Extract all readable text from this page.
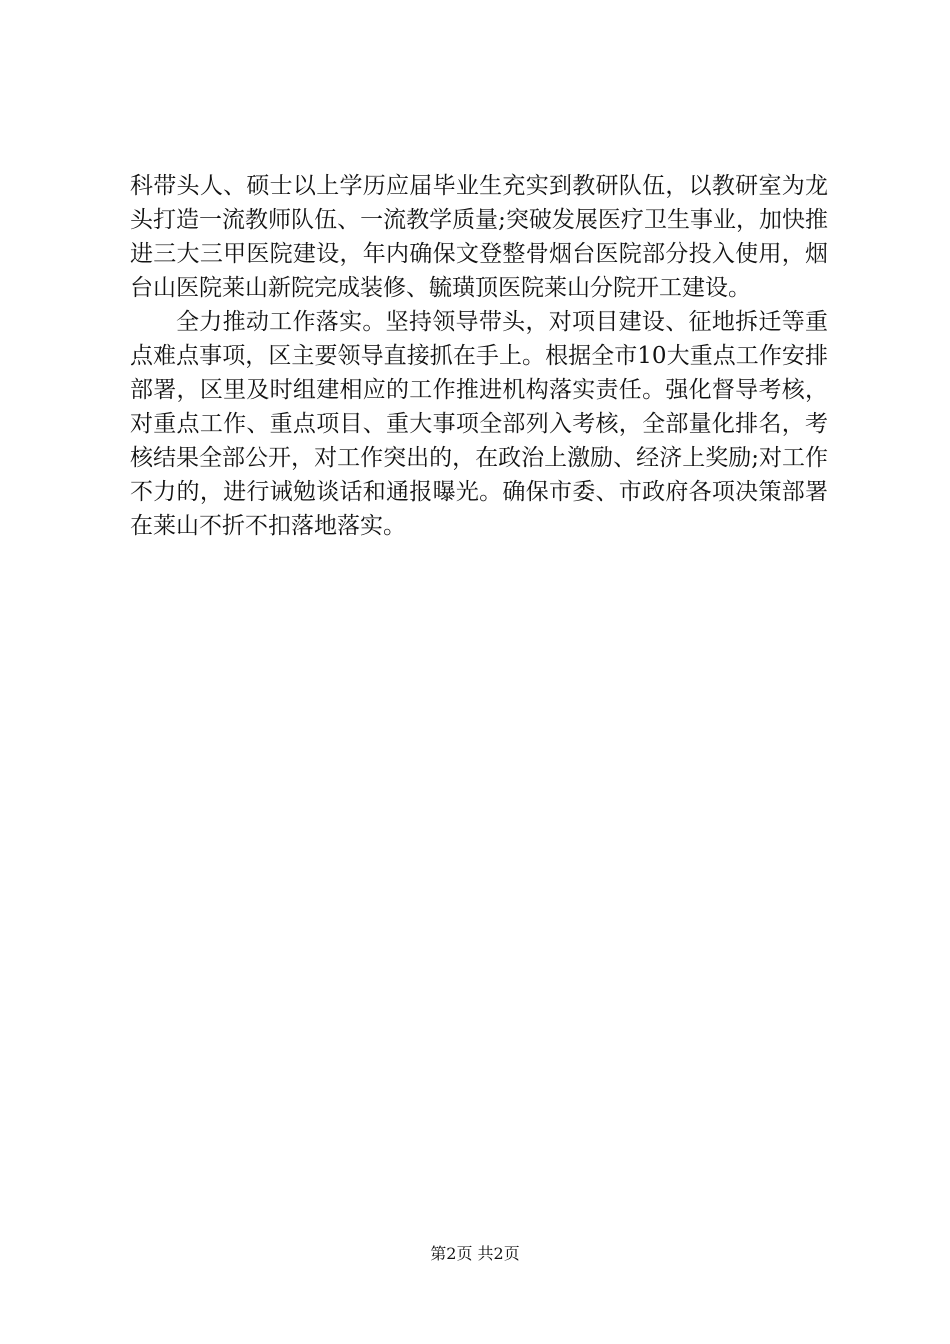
科带头人、硕士以上学历应届毕业生充实到教研队伍，以教研室为龙头打造一流教师队伍、一流教学质量;突破发展医疗卫生事业，加快推进三大三甲医院建设，年内确保文登整骨烟台医院部分投入使用，烟台山医院莱山新院完成装修、毓璜顶医院莱山分院开工建设。

全力推动工作落实。坚持领导带头，对项目建设、征地拆迁等重点难点事项，区主要领导直接抓在手上。根据全市10大重点工作安排部署，区里及时组建相应的工作推进机构落实责任。强化督导考核，对重点工作、重点项目、重大事项全部列入考核，全部量化排名，考核结果全部公开，对工作突出的，在政治上激励、经济上奖励;对工作不力的，进行诫勉谈话和通报曝光。确保市委、市政府各项决策部署在莱山不折不扣落地落实。

第2页 共2页
